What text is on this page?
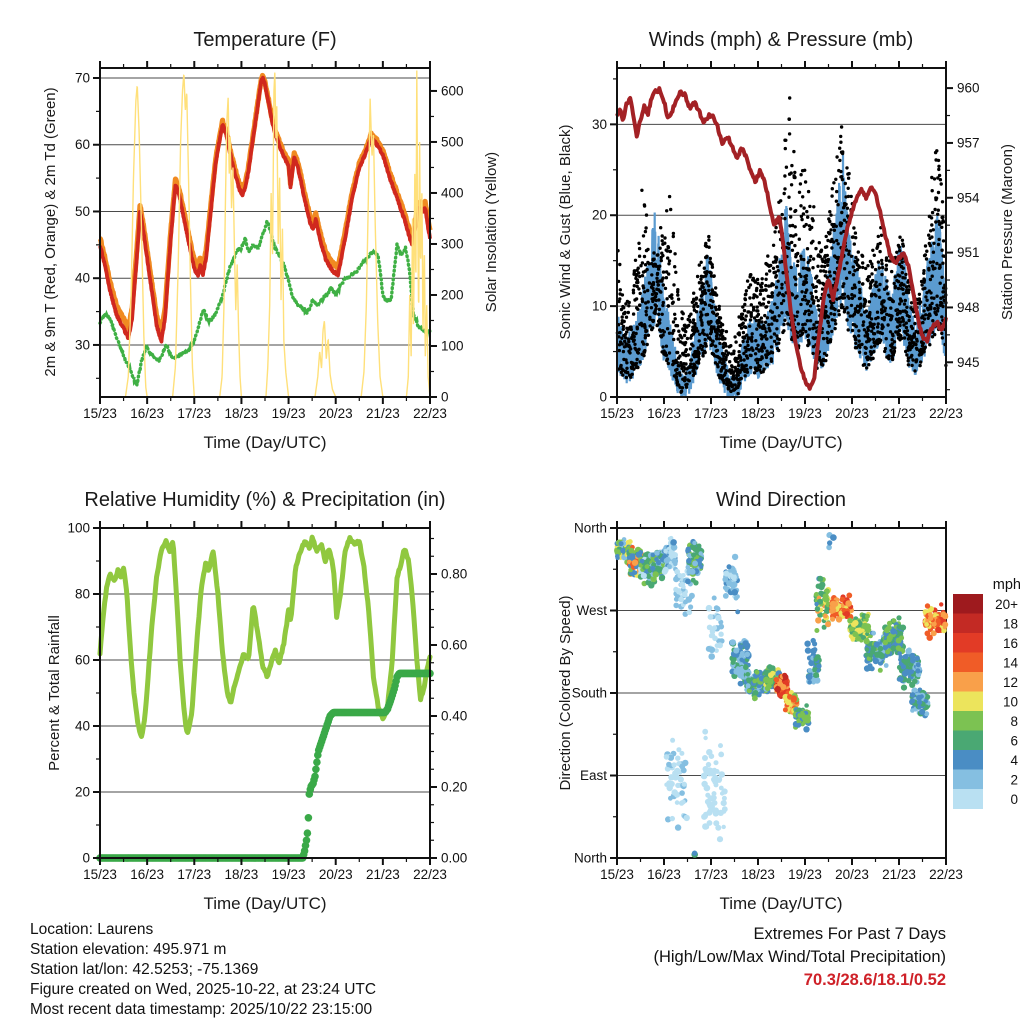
15/23 16/23 17/23 18/23 19/23 20/23 21/23 22/23
30
40
50
60
70
0
100
200
300
400
500
600
15/23 16/23 17/23 18/23 19/23 20/23 21/23 22/23
0
10
20
30
945
948
951
954
957
960
15/23 16/23 17/23 18/23 19/23 20/23 21/23 22/23
0
20
40
60
80
100
0.00
0.20
0.40
0.60
0.80
15/23 16/23 17/23 18/23 19/23 20/23 21/23 22/23
North
West
South
East
North
mph
20+
18
16
14
12
10
8
6
4
2
0
Temperature (F)	Winds (mph) & Pressure (mb)
Relative Humidity (%) & Precipitation (in)	Wind Direction
Time (Day/UTC)	Time (Day/UTC)
Time (Day/UTC)	Time (Day/UTC)
2m & 9m T (Red, Orange) & 2m Td (Green)	Solar Insolation (Yellow)	Sonic Wind & Gust (Blue, Black)	Station Pressure (Maroon)
Percent & Total Rainfall	Direction (Colored By Speed)
Location: Laurens
Station elevation: 495.971 m
Station lat/lon: 42.5253; -75.1369
Figure created on Wed, 2025-10-22, at 23:24 UTC
Most recent data timestamp: 2025/10/22 23:15:00
Extremes For Past 7 Days
(High/Low/Max Wind/Total Precipitation)
70.3/28.6/18.1/0.52
